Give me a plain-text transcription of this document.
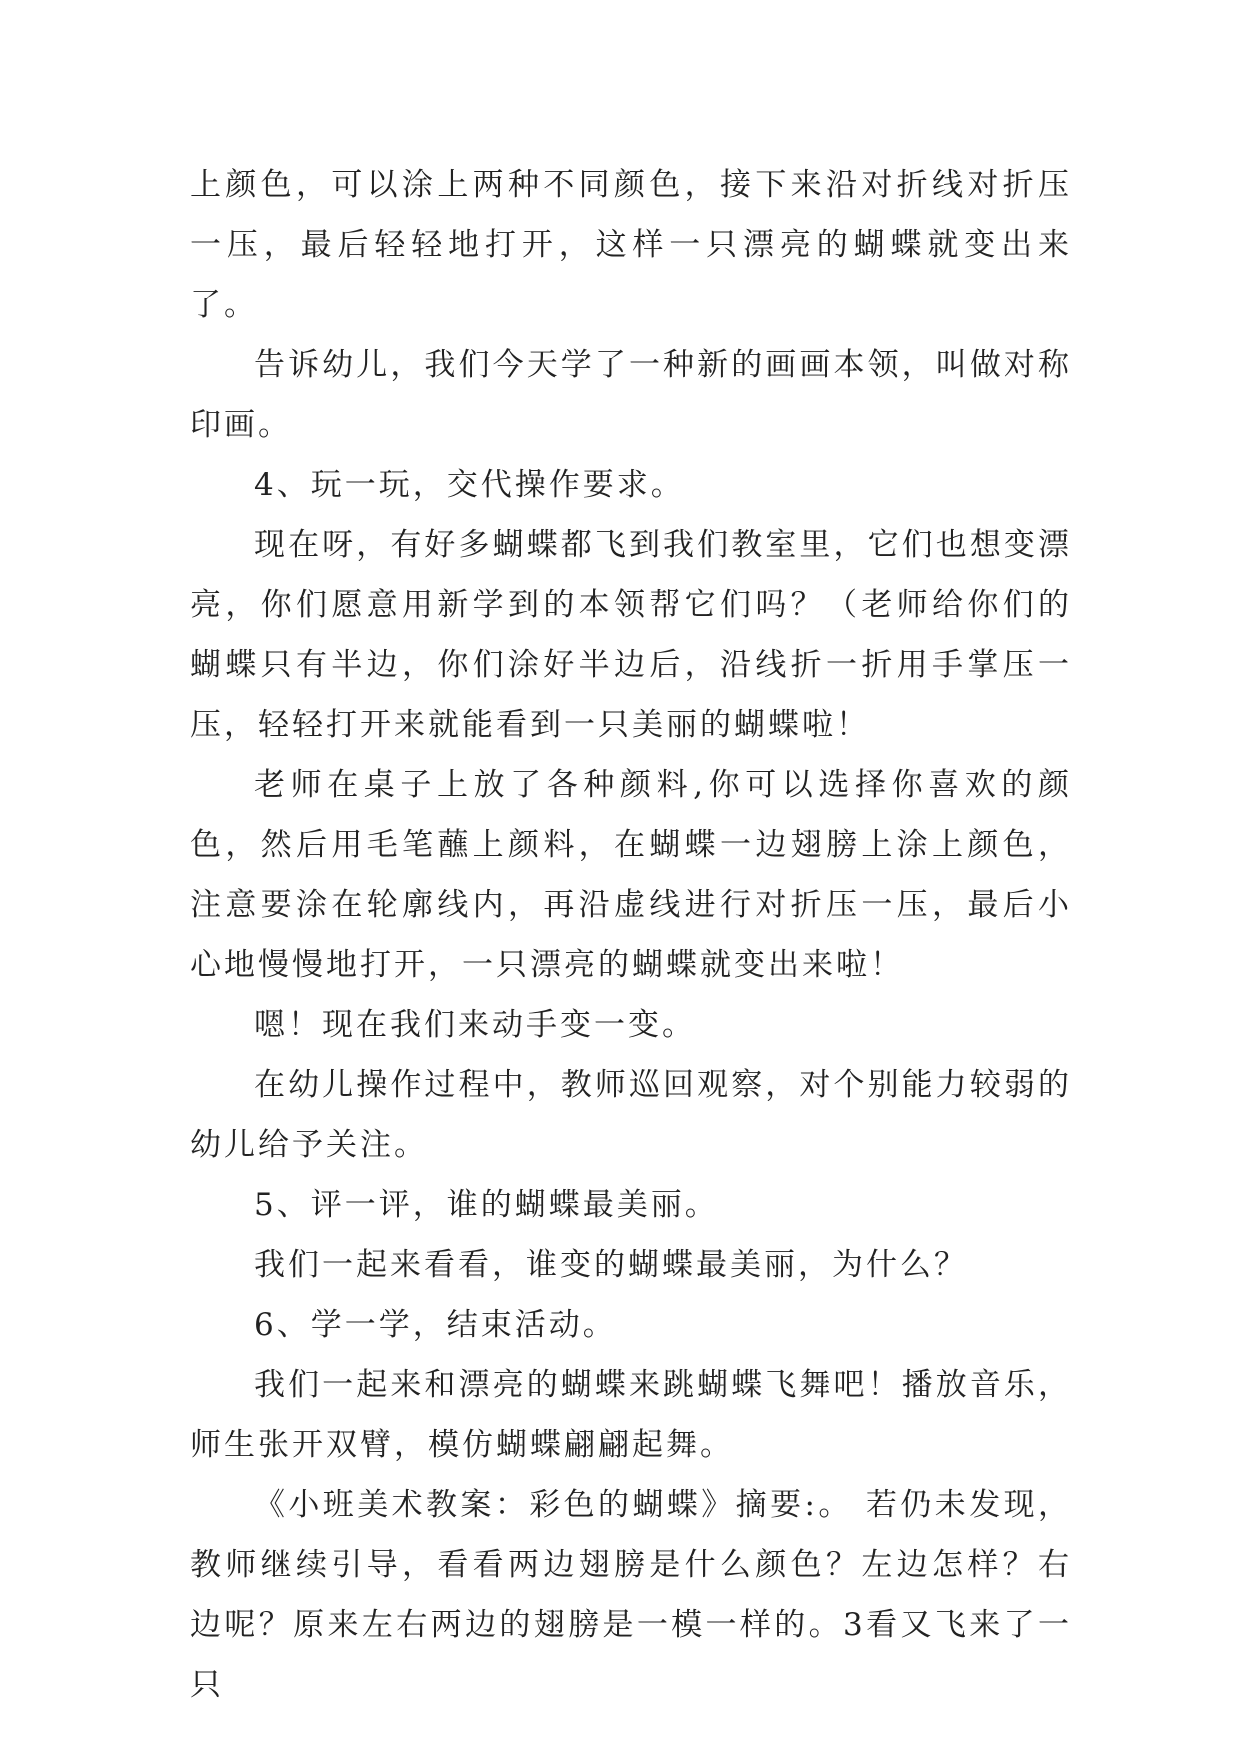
上颜色，可以涂上两种不同颜色，接下来沿对折线对折压一压，最后轻轻地打开，这样一只漂亮的蝴蝶就变出来了。

告诉幼儿，我们今天学了一种新的画画本领，叫做对称印画。

4、玩一玩，交代操作要求。

现在呀，有好多蝴蝶都飞到我们教室里，它们也想变漂亮，你们愿意用新学到的本领帮它们吗？（老师给你们的蝴蝶只有半边，你们涂好半边后，沿线折一折用手掌压一压，轻轻打开来就能看到一只美丽的蝴蝶啦！

老师在桌子上放了各种颜料,你可以选择你喜欢的颜色，然后用毛笔蘸上颜料，在蝴蝶一边翅膀上涂上颜色，注意要涂在轮廓线内，再沿虚线进行对折压一压，最后小心地慢慢地打开，一只漂亮的蝴蝶就变出来啦！

嗯！现在我们来动手变一变。

在幼儿操作过程中，教师巡回观察，对个别能力较弱的幼儿给予关注。

5、评一评，谁的蝴蝶最美丽。

我们一起来看看，谁变的蝴蝶最美丽，为什么？

6、学一学，结束活动。

我们一起来和漂亮的蝴蝶来跳蝴蝶飞舞吧！播放音乐，师生张开双臂，模仿蝴蝶翩翩起舞。

《小班美术教案：彩色的蝴蝶》摘要:。 若仍未发现，教师继续引导，看看两边翅膀是什么颜色？左边怎样？右边呢？原来左右两边的翅膀是一模一样的。3看又飞来了一只
